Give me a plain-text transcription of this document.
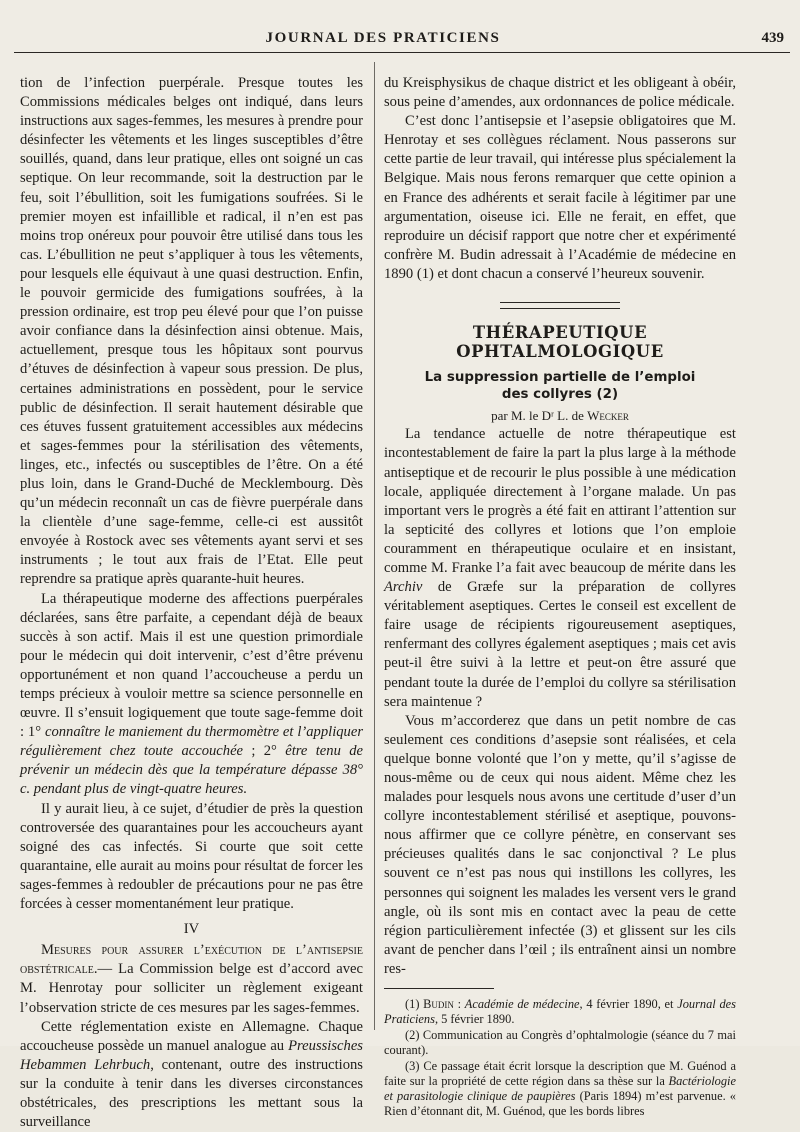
JOURNAL DES PRATICIENS	439

tion de l’infection puerpérale. Presque toutes les Commissions médicales belges ont indiqué, dans leurs instructions aux sages-femmes, les mesures à prendre pour désinfecter les vêtements et les linges susceptibles d’être souillés, quand, dans leur pratique, elles ont soigné un cas septique. On leur recommande, soit la destruction par le feu, soit l’ébullition, soit les fumigations soufrées. Si le premier moyen est infaillible et radical, il n’en est pas moins trop onéreux pour pouvoir être utilisé dans tous les cas. L’ébullition ne peut s’appliquer à tous les vêtements, pour lesquels elle équivaut à une quasi destruction. Enfin, le pouvoir germicide des fumigations soufrées, à la pression ordinaire, est trop peu élevé pour que l’on puisse avoir confiance dans la désinfection ainsi obtenue. Mais, actuellement, presque tous les hôpitaux sont pourvus d’étuves de désinfection à vapeur sous pression. De plus, certaines administrations en possèdent, pour le service public de désinfection. Il serait hautement désirable que ces étuves fussent gratuitement accessibles aux médecins et sages-femmes pour la stérilisation des vêtements, linges, etc., infectés ou susceptibles de l’être. On a été plus loin, dans le Grand-Duché de Mecklembourg. Dès qu’un médecin reconnaît un cas de fièvre puerpérale dans la clientèle d’une sage-femme, celle-ci est aussitôt envoyée à Rostock avec ses vêtements ayant servi et ses instruments ; le tout aux frais de l’Etat. Elle peut reprendre sa pratique après quarante-huit heures.

La thérapeutique moderne des affections puerpérales déclarées, sans être parfaite, a cependant déjà de beaux succès à son actif. Mais il est une question primordiale pour le médecin qui doit intervenir, c’est d’être prévenu opportunément et non quand l’accoucheuse a perdu un temps précieux à vouloir mettre sa science personnelle en œuvre. Il s’ensuit logiquement que toute sage-femme doit : 1° connaître le maniement du thermomètre et l’appliquer régulièrement chez toute accouchée ; 2° être tenu de prévenir un médecin dès que la température dépasse 38° c. pendant plus de vingt-quatre heures.

Il y aurait lieu, à ce sujet, d’étudier de près la question controversée des quarantaines pour les accoucheurs ayant soigné des cas infectés. Si courte que soit cette quarantaine, elle aurait au moins pour résultat de forcer les sages-femmes à redoubler de précautions pour ne pas être forcées à cesser momentanément leur pratique.

IV

Mesures pour assurer l’exécution de l’antisepsie obstétricale.— La Commission belge est d’accord avec M. Henrotay pour solliciter un règlement exigeant l’observation stricte de ces mesures par les sages-femmes.

Cette réglementation existe en Allemagne. Chaque accoucheuse possède un manuel analogue au Preussisches Hebammen Lehrbuch, contenant, outre des instructions sur la conduite à tenir dans les diverses circonstances obstétricales, des prescriptions les mettant sous la surveillance

du Kreisphysikus de chaque district et les obligeant à obéir, sous peine d’amendes, aux ordonnances de police médicale.

C’est donc l’antisepsie et l’asepsie obligatoires que M. Henrotay et ses collègues réclament. Nous passerons sur cette partie de leur travail, qui intéresse plus spécialement la Belgique. Mais nous ferons remarquer que cette opinion a en France des adhérents et serait facile à légitimer par une argumentation, oiseuse ici. Elle ne ferait, en effet, que reproduire un décisif rapport que notre cher et expérimenté confrère M. Budin adressait à l’Académie de médecine en 1890 (1) et dont chacun a conservé l’heureux souvenir.

THÉRAPEUTIQUE OPHTALMOLOGIQUE
La suppression partielle de l’emploi
des collyres (2)
par M. le Dʳ L. de Wecker

La tendance actuelle de notre thérapeutique est incontestablement de faire la part la plus large à la méthode antiseptique et de recourir le plus possible à une médication locale, appliquée directement à l’organe malade. Un pas important vers le progrès a été fait en attirant l’attention sur la septicité des collyres et lotions que l’on emploie couramment en thérapeutique oculaire et en insistant, comme M. Franke l’a fait avec beaucoup de mérite dans les Archiv de Græfe sur la préparation de collyres véritablement aseptiques. Certes le conseil est excellent de faire usage de récipients rigoureusement aseptiques, renfermant des collyres également aseptiques ; mais cet avis peut-il être suivi à la lettre et peut-on être assuré que pendant toute la durée de l’emploi du collyre sa stérilisation sera maintenue ?

Vous m’accorderez que dans un petit nombre de cas seulement ces conditions d’asepsie sont réalisées, et cela quelque bonne volonté que l’on y mette, qu’il s’agisse de nous-même ou de ceux qui nous aident. Même chez les malades pour lesquels nous avons une certitude d’user d’un collyre incontestablement stérilisé et aseptique, pouvons-nous affirmer que ce collyre pénètre, en conservant ses précieuses qualités dans le sac conjonctival ? Le plus souvent ce n’est pas nous qui instillons les collyres, les personnes qui soignent les malades les versent vers le grand angle, où ils sont mis en contact avec la peau de cette région particulièrement infectée (3) et glissent sur les cils avant de pencher dans l’œil ; ils entraînent ainsi un nombre res-

(1) Budin : Académie de médecine, 4 février 1890, et Journal des Praticiens, 5 février 1890.

(2) Communication au Congrès d’ophtalmologie (séance du 7 mai courant).

(3) Ce passage était écrit lorsque la description que M. Guénod a faite sur la propriété de cette région dans sa thèse sur la Bactériologie et parasitologie clinique de paupières (Paris 1894) m’est parvenue. « Rien d’étonnant dit, M. Guénod, que les bords libres
